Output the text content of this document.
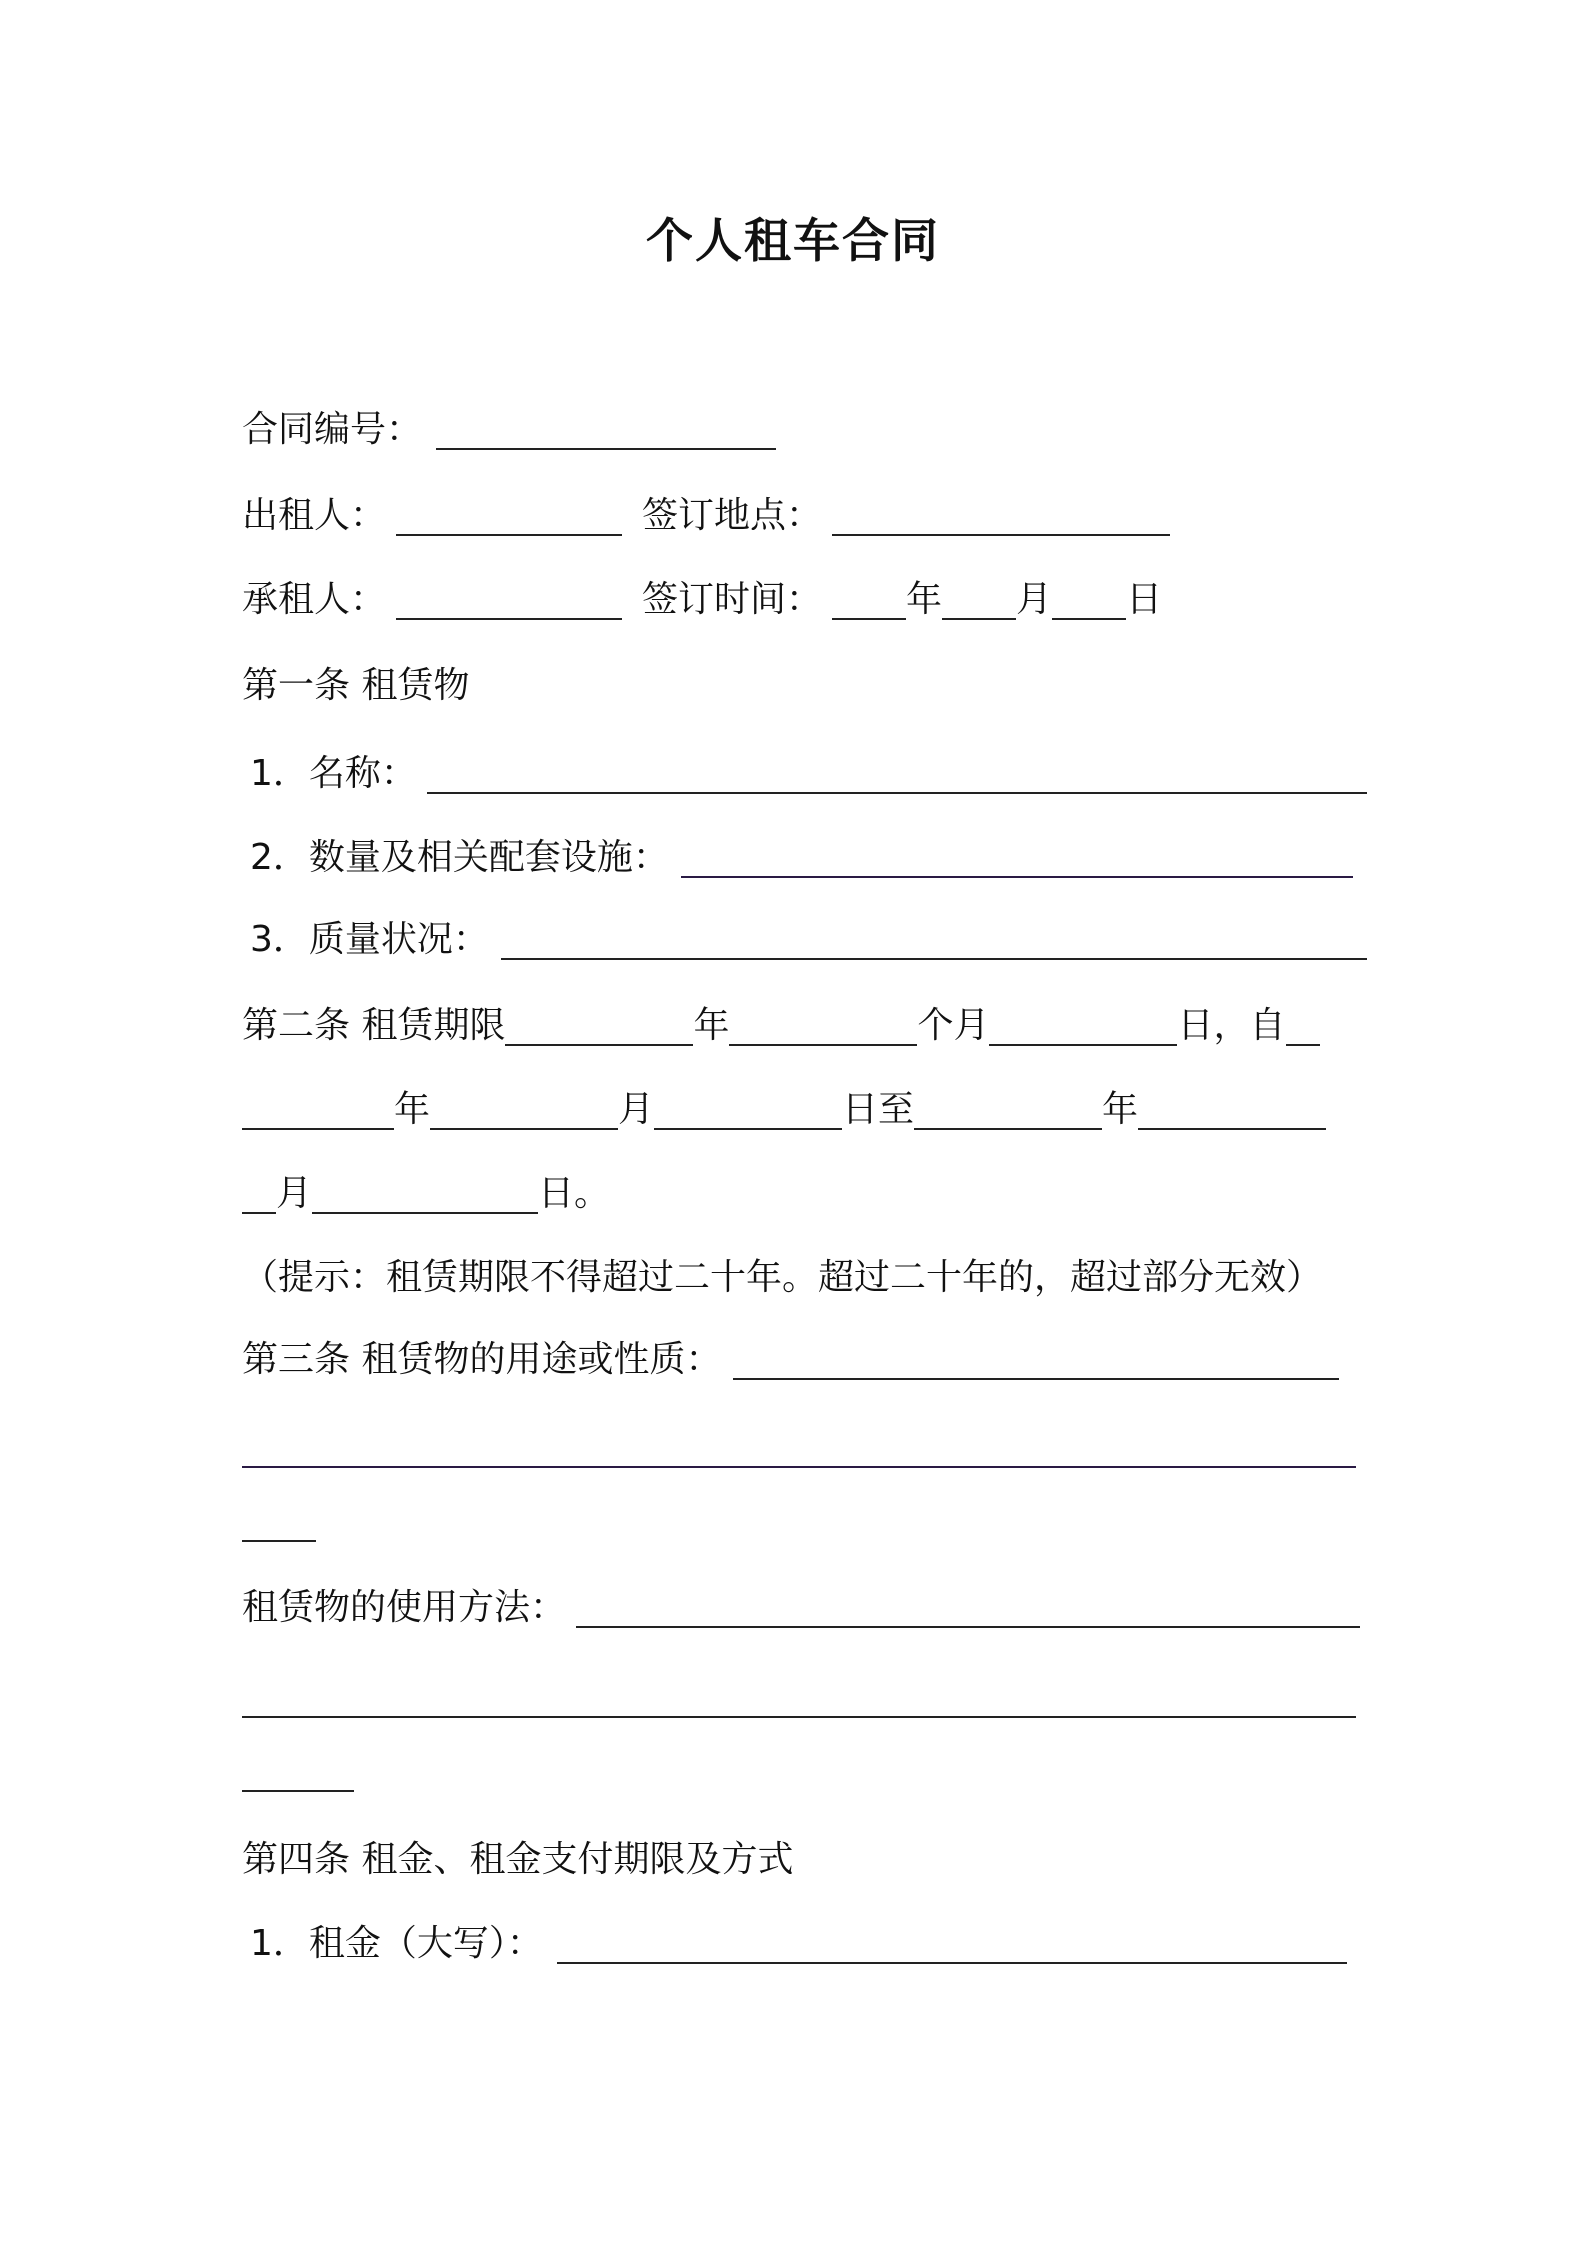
个人租车合同
合同编号：
出租人：	签订地点：
承租人：	签订时间： 年 月 日
第一条 租赁物
1．名称：
2．数量及相关配套设施：
3．质量状况：
第二条 租赁期限	年	个月	日，自
年	月	日至	年
月	日。
（提示：租赁期限不得超过二十年。超过二十年的，超过部分无效）
第三条 租赁物的用途或性质：
租赁物的使用方法：
第四条 租金、租金支付期限及方式
1．租金（大写）：
